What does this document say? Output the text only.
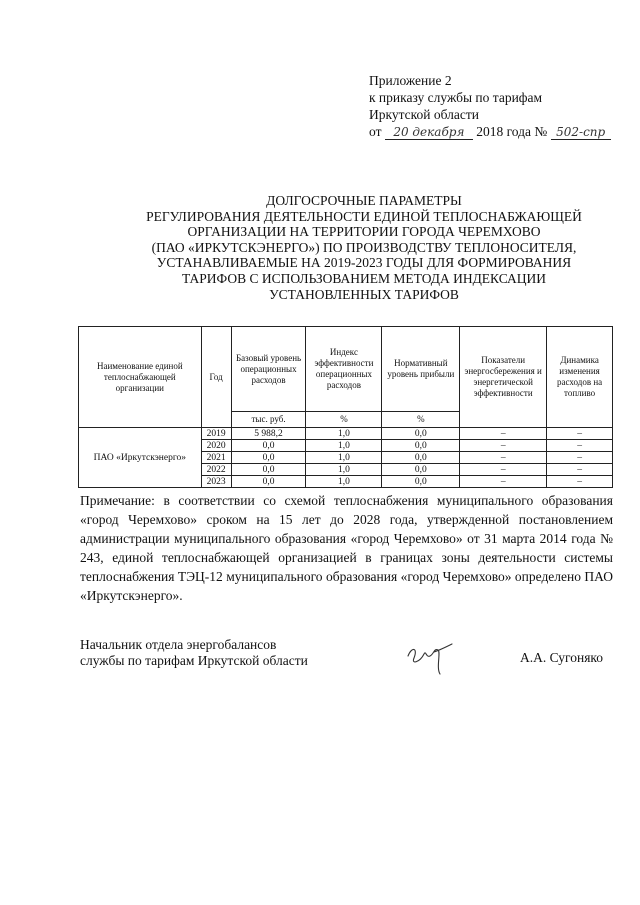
Приложение 2
к приказу службы по тарифам
Иркутской области
от 20 декабря 2018 года № 502-спр
ДОЛГОСРОЧНЫЕ ПАРАМЕТРЫ
РЕГУЛИРОВАНИЯ ДЕЯТЕЛЬНОСТИ ЕДИНОЙ ТЕПЛОСНАБЖАЮЩЕЙ
ОРГАНИЗАЦИИ НА ТЕРРИТОРИИ ГОРОДА ЧЕРЕМХОВО
(ПАО «ИРКУТСКЭНЕРГО») ПО ПРОИЗВОДСТВУ ТЕПЛОНОСИТЕЛЯ,
УСТАНАВЛИВАЕМЫЕ НА 2019-2023 ГОДЫ ДЛЯ ФОРМИРОВАНИЯ
ТАРИФОВ С ИСПОЛЬЗОВАНИЕМ МЕТОДА ИНДЕКСАЦИИ
УСТАНОВЛЕННЫХ ТАРИФОВ
Наименование единой теплоснабжающей организации	Год	Базовый уровень операционных расходов	Индекс эффективности операционных расходов	Нормативный уровень прибыли	Показатели энергосбережения и энергетической эффективности	Динамика изменения расходов на топливо
		тыс. руб.	%	%		
ПАО «Иркутскэнерго»	2019	5 988,2	1,0	0,0	–	–
	2020	0,0	1,0	0,0	–	–
	2021	0,0	1,0	0,0	–	–
	2022	0,0	1,0	0,0	–	–
	2023	0,0	1,0	0,0	–	–
Примечание: в соответствии со схемой теплоснабжения муниципального образования «город Черемхово» сроком на 15 лет до 2028 года, утвержденной постановлением администрации муниципального образования «город Черемхово» от 31 марта 2014 года № 243, единой теплоснабжающей организацией в границах зоны деятельности системы теплоснабжения ТЭЦ-12 муниципального образования «город Черемхово» определено ПАО «Иркутскэнерго».
Начальник отдела энергобалансов
службы по тарифам Иркутской области	А.А. Сугоняко
